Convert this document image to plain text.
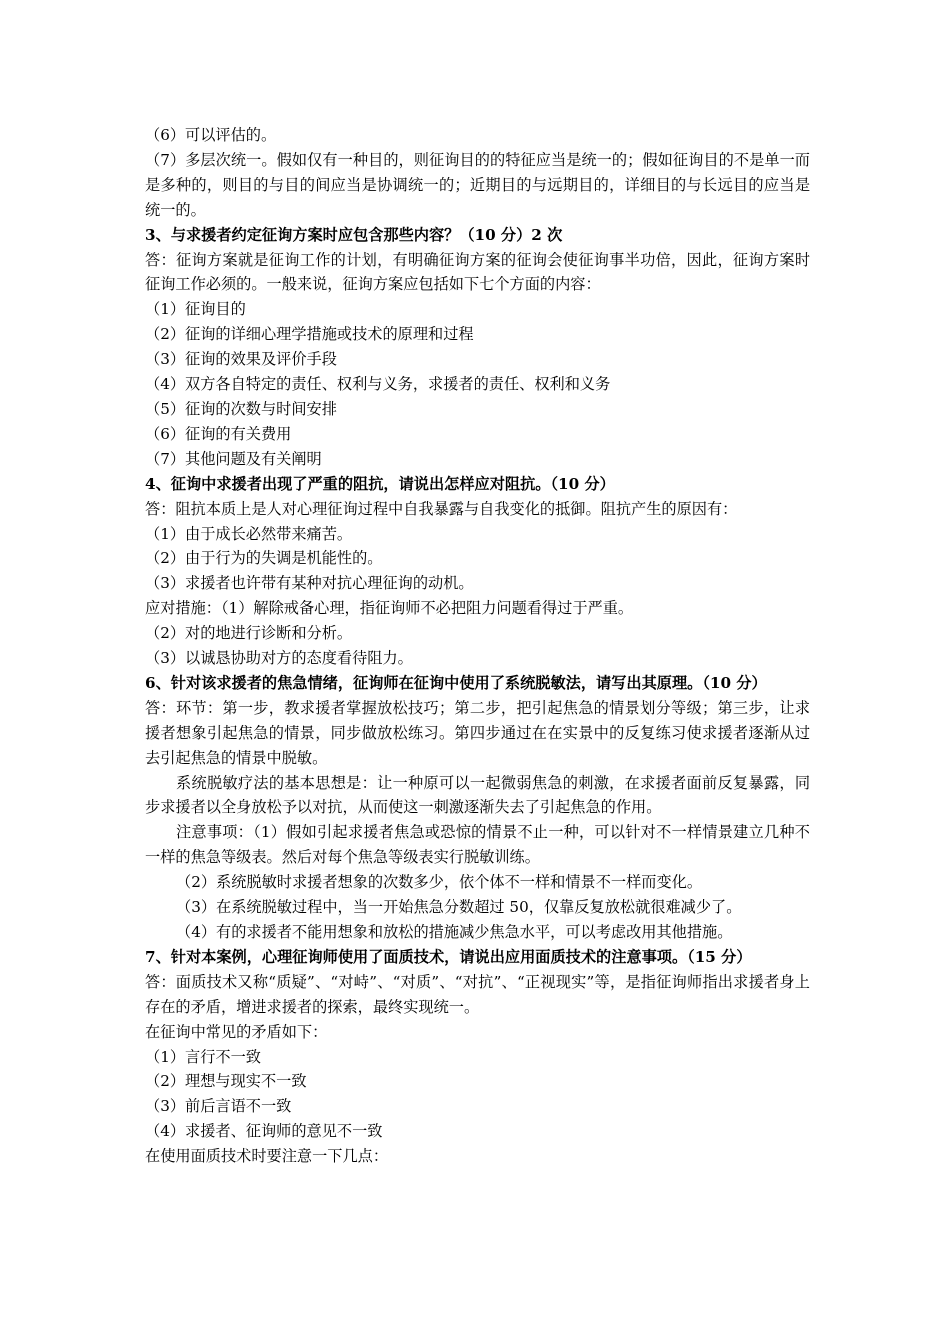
（6）可以评估的。

（7）多层次统一。假如仅有一种目的，则征询目的的特征应当是统一的；假如征询目的不是单一而是多种的，则目的与目的间应当是协调统一的；近期目的与远期目的，详细目的与长远目的应当是统一的。

3、与求援者约定征询方案时应包含那些内容？（10 分）2 次

答：征询方案就是征询工作的计划，有明确征询方案的征询会使征询事半功倍，因此，征询方案时征询工作必须的。一般来说，征询方案应包括如下七个方面的内容：

（1）征询目的

（2）征询的详细心理学措施或技术的原理和过程

（3）征询的效果及评价手段

（4）双方各自特定的责任、权利与义务，求援者的责任、权利和义务

（5）征询的次数与时间安排

（6）征询的有关费用

（7）其他问题及有关阐明

4、征询中求援者出现了严重的阻抗，请说出怎样应对阻抗。（10 分）

答：阻抗本质上是人对心理征询过程中自我暴露与自我变化的抵御。阻抗产生的原因有：

（1）由于成长必然带来痛苦。

（2）由于行为的失调是机能性的。

（3）求援者也许带有某种对抗心理征询的动机。

应对措施：（1）解除戒备心理，指征询师不必把阻力问题看得过于严重。

（2）对的地进行诊断和分析。

（3）以诚恳协助对方的态度看待阻力。

6、针对该求援者的焦急情绪，征询师在征询中使用了系统脱敏法，请写出其原理。（10 分）

答：环节：第一步，教求援者掌握放松技巧；第二步，把引起焦急的情景划分等级；第三步，让求援者想象引起焦急的情景，同步做放松练习。第四步通过在在实景中的反复练习使求援者逐渐从过去引起焦急的情景中脱敏。

系统脱敏疗法的基本思想是：让一种原可以一起微弱焦急的刺激，在求援者面前反复暴露，同步求援者以全身放松予以对抗，从而使这一刺激逐渐失去了引起焦急的作用。

注意事项：（1）假如引起求援者焦急或恐惊的情景不止一种，可以针对不一样情景建立几种不一样的焦急等级表。然后对每个焦急等级表实行脱敏训练。

（2）系统脱敏时求援者想象的次数多少，依个体不一样和情景不一样而变化。

（3）在系统脱敏过程中，当一开始焦急分数超过 50，仅靠反复放松就很难减少了。

（4）有的求援者不能用想象和放松的措施减少焦急水平，可以考虑改用其他措施。

7、针对本案例，心理征询师使用了面质技术，请说出应用面质技术的注意事项。（15 分）

答：面质技术又称“质疑”、“对峙”、“对质”、“对抗”、“正视现实”等，是指征询师指出求援者身上存在的矛盾，增进求援者的探索，最终实现统一。

在征询中常见的矛盾如下：

（1）言行不一致

（2）理想与现实不一致

（3）前后言语不一致

（4）求援者、征询师的意见不一致

在使用面质技术时要注意一下几点：
